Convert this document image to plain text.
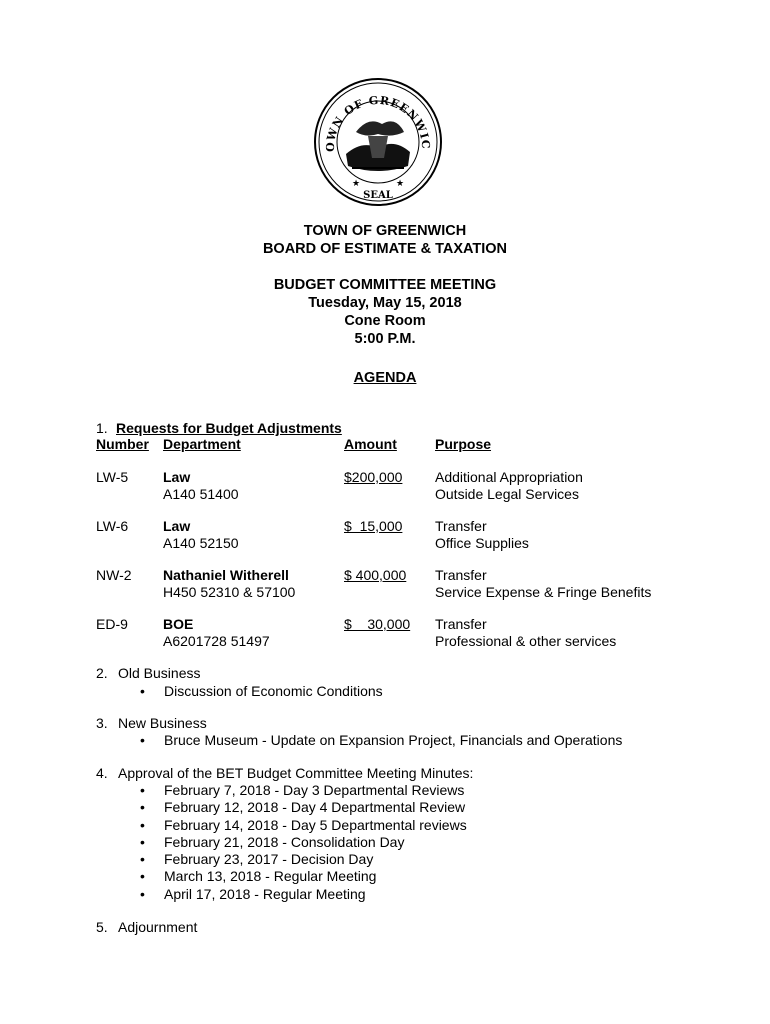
OWN OF GREENWIC
★	★
SEAL
TOWN OF GREENWICH
BOARD OF ESTIMATE & TAXATION
BUDGET COMMITTEE MEETING
Tuesday, May 15, 2018
Cone Room
5:00 P.M.
AGENDA
1. Requests for Budget Adjustments
Number Department	Amount	Purpose
LW-5 Law
A140 51400
$200,000 Additional Appropriation
Outside Legal Services
LW-6 Law
A140 52150
$  15,000 Transfer
Office Supplies
NW-2 Nathaniel Witherell
H450 52310 & 57100
$ 400,000 Transfer
Service Expense & Fringe Benefits
ED-9	BOE
A6201728 51497
$    30,000 Transfer
Professional & other services
2. Old Business
• Discussion of Economic Conditions
3. New Business
• Bruce Museum - Update on Expansion Project, Financials and Operations
4. Approval of the BET Budget Committee Meeting Minutes:
• February 7, 2018 - Day 3 Departmental Reviews
• February 12, 2018 - Day 4 Departmental Review
• February 14, 2018 - Day 5 Departmental reviews
• February 21, 2018 - Consolidation Day
• February 23, 2017 - Decision Day
• March 13, 2018 - Regular Meeting
• April 17, 2018 - Regular Meeting
5. Adjournment
